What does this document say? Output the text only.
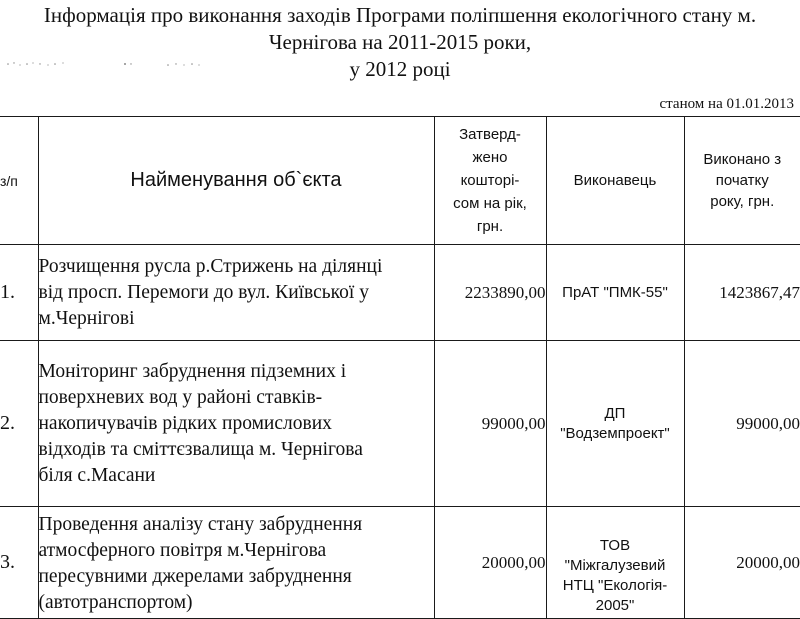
Інформація про виконання заходів Програми поліпшення екологічного стану м.
Чернігова на 2011-2015 роки,
у 2012 році
станом на 01.01.2013
з/п	Найменування об`єкта	Затверд-
жено
кошторі-
сом на рік,
грн.	Виконавець	Виконано з
початку
року, грн.
1.	Розчищення русла р.Стрижень на ділянці
від просп. Перемоги до вул. Київської у
м.Чернігові	2233890,00	ПрАТ "ПМК-55"	1423867,47
2.	Моніторинг забруднення підземних і
поверхневих вод у районі ставків-
накопичувачів рідких промислових
відходів та сміттєзвалища м. Чернігова
біля с.Масани	99000,00	ДП
"Водземпроект"	99000,00
3.	Проведення аналізу стану забруднення
атмосферного повітря м.Чернігова
пересувними джерелами забруднення
(автотранспортом)	20000,00	ТОВ
"Міжгалузевий
НТЦ "Екологія-
2005"	20000,00
